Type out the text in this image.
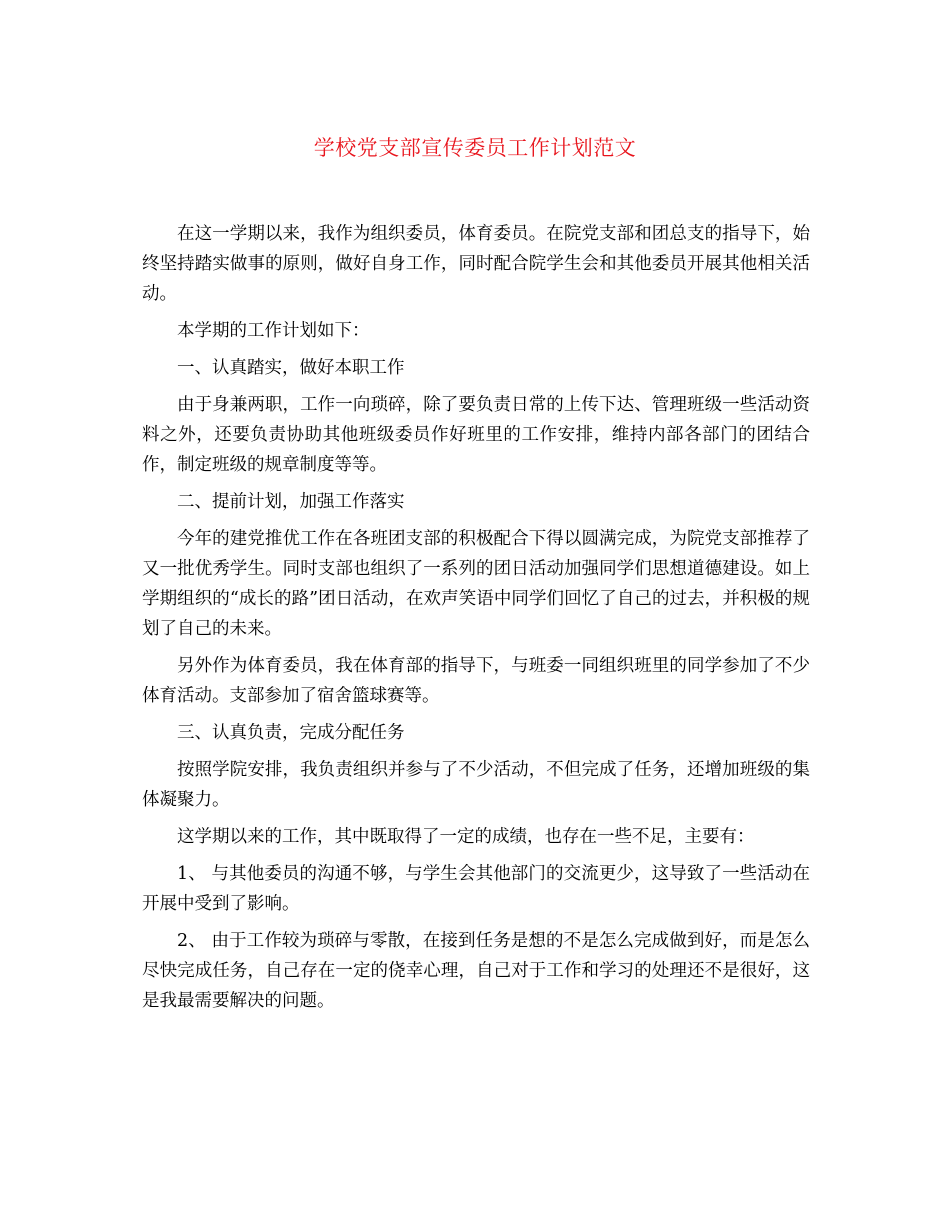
学校党支部宣传委员工作计划范文

在这一学期以来，我作为组织委员，体育委员。在院党支部和团总支的指导下，始终坚持踏实做事的原则，做好自身工作，同时配合院学生会和其他委员开展其他相关活动。

本学期的工作计划如下：

一、认真踏实，做好本职工作

由于身兼两职，工作一向琐碎，除了要负责日常的上传下达、管理班级一些活动资料之外，还要负责协助其他班级委员作好班里的工作安排，维持内部各部门的团结合作，制定班级的规章制度等等。

二、提前计划，加强工作落实

今年的建党推优工作在各班团支部的积极配合下得以圆满完成，为院党支部推荐了又一批优秀学生。同时支部也组织了一系列的团日活动加强同学们思想道德建设。如上学期组织的“成长的路”团日活动，在欢声笑语中同学们回忆了自己的过去，并积极的规划了自己的未来。

另外作为体育委员，我在体育部的指导下，与班委一同组织班里的同学参加了不少体育活动。支部参加了宿舍篮球赛等。

三、认真负责，完成分配任务

按照学院安排，我负责组织并参与了不少活动，不但完成了任务，还增加班级的集体凝聚力。

这学期以来的工作，其中既取得了一定的成绩，也存在一些不足，主要有：

1、 与其他委员的沟通不够，与学生会其他部门的交流更少，这导致了一些活动在开展中受到了影响。

2、 由于工作较为琐碎与零散，在接到任务是想的不是怎么完成做到好，而是怎么尽快完成任务，自己存在一定的侥幸心理，自己对于工作和学习的处理还不是很好，这是我最需要解决的问题。
